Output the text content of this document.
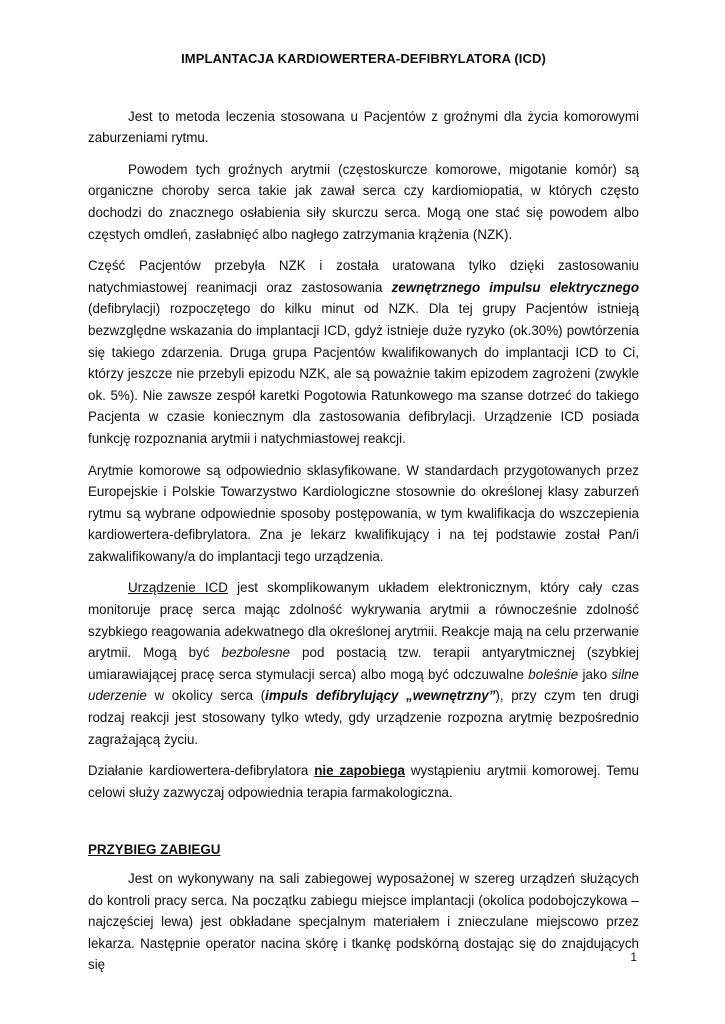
IMPLANTACJA KARDIOWERTERA-DEFIBRYLATORA (ICD)

Jest to metoda leczenia stosowana u Pacjentów z groźnymi dla życia komorowymi zaburzeniami rytmu.

Powodem tych groźnych arytmii (częstoskurcze komorowe, migotanie komór) są organiczne choroby serca takie jak zawał serca czy kardiomiopatia, w których często dochodzi do znacznego osłabienia siły skurczu serca. Mogą one stać się powodem albo częstych omdleń, zasłabnięć albo nagłego zatrzymania krążenia (NZK).

Część Pacjentów przebyła NZK i została uratowana tylko dzięki zastosowaniu natychmiastowej reanimacji oraz zastosowania zewnętrznego impulsu elektrycznego (defibrylacji) rozpoczętego do kilku minut od NZK. Dla tej grupy Pacjentów istnieją bezwzględne wskazania do implantacji ICD, gdyż istnieje duże ryzyko (ok.30%) powtórzenia się takiego zdarzenia. Druga grupa Pacjentów kwalifikowanych do implantacji ICD to Ci, którzy jeszcze nie przebyli epizodu NZK, ale są poważnie takim epizodem zagrożeni (zwykle ok. 5%). Nie zawsze zespół karetki Pogotowia Ratunkowego ma szanse dotrzeć do takiego Pacjenta w czasie koniecznym dla zastosowania defibrylacji. Urządzenie ICD posiada funkcję rozpoznania arytmii i natychmiastowej reakcji.

Arytmie komorowe są odpowiednio sklasyfikowane. W standardach przygotowanych przez Europejskie i Polskie Towarzystwo Kardiologiczne stosownie do określonej klasy zaburzeń rytmu są wybrane odpowiednie sposoby postępowania, w tym kwalifikacja do wszczepienia kardiowertera-defibrylatora. Zna je lekarz kwalifikujący i na tej podstawie został Pan/i zakwalifikowany/a do implantacji tego urządzenia.

Urządzenie ICD jest skomplikowanym układem elektronicznym, który cały czas monitoruje pracę serca mając zdolność wykrywania arytmii a równocześnie zdolność szybkiego reagowania adekwatnego dla określonej arytmii. Reakcje mają na celu przerwanie arytmii. Mogą być bezbolesne pod postacią tzw. terapii antyarytmicznej (szybkiej umiarawiającej pracę serca stymulacji serca) albo mogą być odczuwalne boleśnie jako silne uderzenie w okolicy serca (impuls defibrylujący „wewnętrzny”), przy czym ten drugi rodzaj reakcji jest stosowany tylko wtedy, gdy urządzenie rozpozna arytmię bezpośrednio zagrażającą życiu.

Działanie kardiowertera-defibrylatora nie zapobiega wystąpieniu arytmii komorowej. Temu celowi służy zazwyczaj odpowiednia terapia farmakologiczna.

PRZYBIEG ZABIEGU

Jest on wykonywany na sali zabiegowej wyposażonej w szereg urządzeń służących do kontroli pracy serca. Na początku zabiegu miejsce implantacji (okolica podobojczykowa – najczęściej lewa) jest obkładane specjalnym materiałem i znieczulane miejscowo przez lekarza. Następnie operator nacina skórę i tkankę podskórną dostając się do znajdujących się

1
